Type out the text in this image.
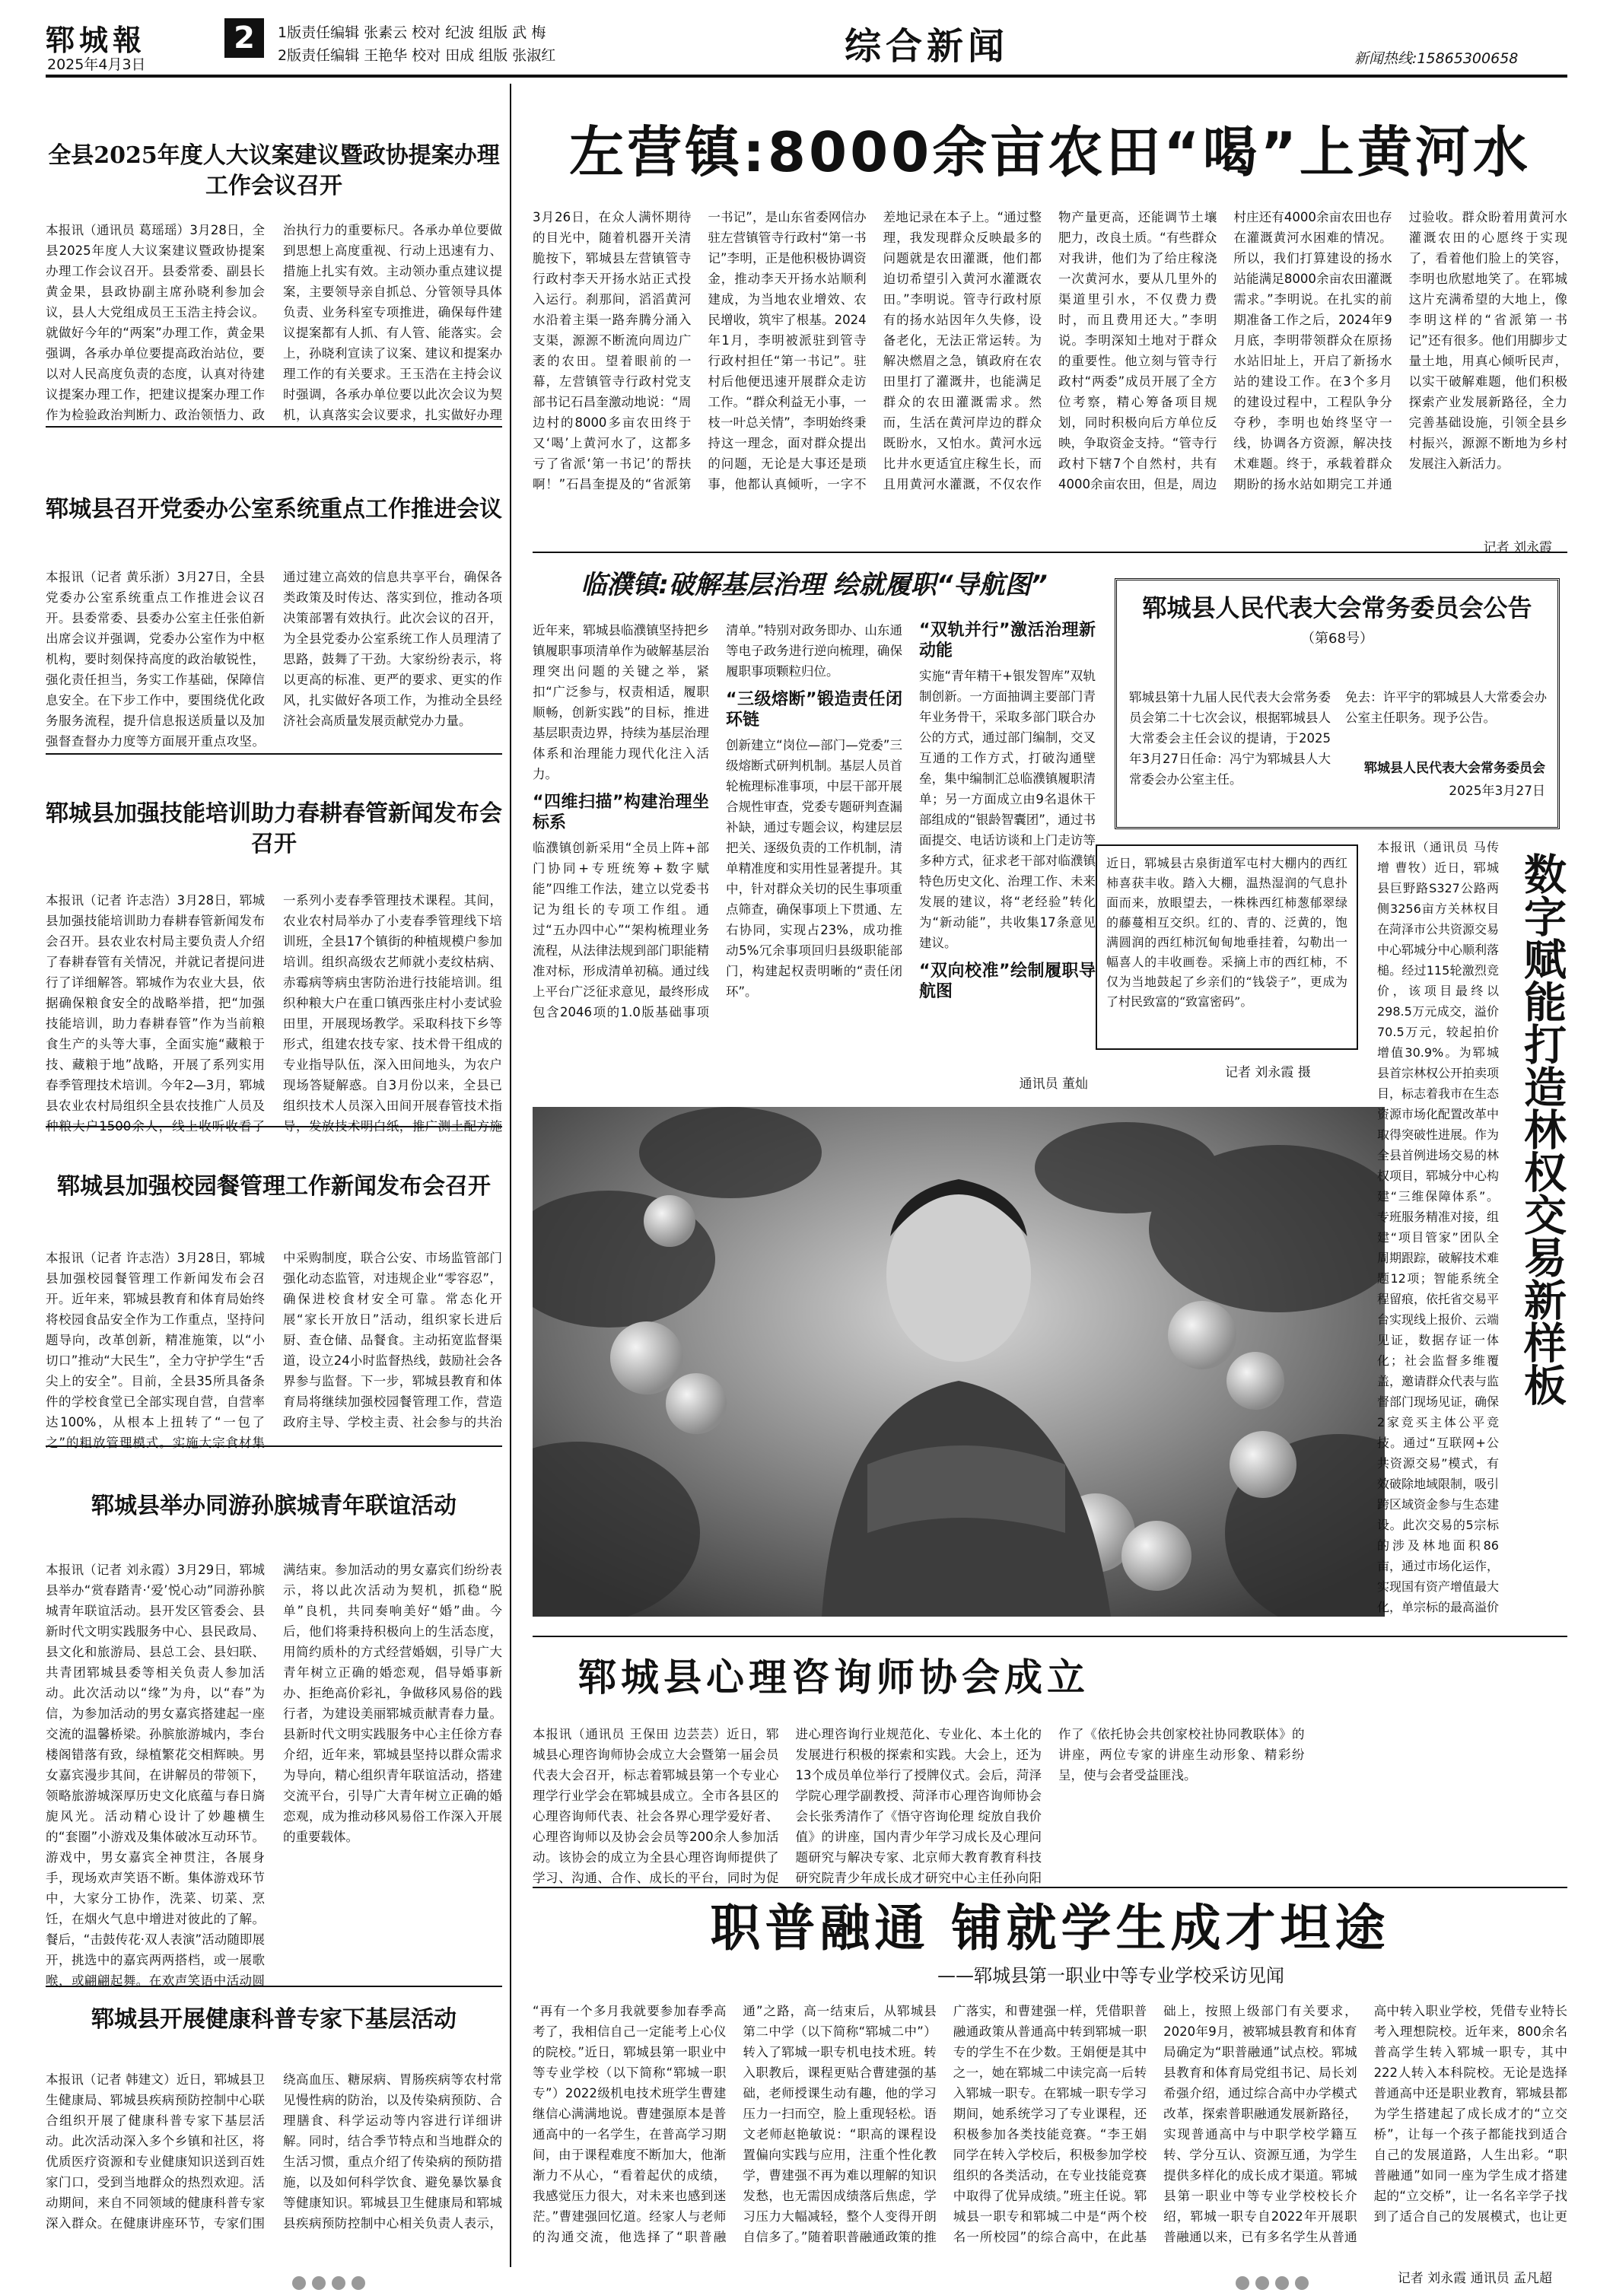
郓城報
2025年4月3日
2	1版责任编辑 张素云 校对 纪波 组版 武 梅
2版责任编辑 王艳华 校对 田成 组版 张淑红	综合新闻	新闻热线:15865300658
全县2025年度人大议案建议暨政协提案办理工作会议召开
本报讯（通讯员 葛瑶瑶）3月28日，全县2025年度人大议案建议暨政协提案办理工作会议召开。县委常委、副县长黄金果，县政协副主席孙晓利参加会议，县人大党组成员王玉浩主持会议。就做好今年的“两案”办理工作，黄金果强调，各承办单位要提高政治站位，要以对人民高度负责的态度，认真对待建议提案办理工作，把建议提案办理工作作为检验政治判断力、政治领悟力、政治执行力的重要标尺。各承办单位要做到思想上高度重视、行动上迅速有力、措施上扎实有效。主动领办重点建议提案，主要领导亲自抓总、分管领导具体负责、业务科室专项推进，确保每件建议提案都有人抓、有人管、能落实。会上，孙晓利宣读了议案、建议和提案办理工作的有关要求。王玉浩在主持会议时强调，各承办单位要以此次会议为契机，认真落实会议要求，扎实做好办理
郓城县召开党委办公室系统重点工作推进会议
本报讯（记者 黄乐浙）3月27日，全县党委办公室系统重点工作推进会议召开。县委常委、县委办公室主任张伯新出席会议并强调，党委办公室作为中枢机构，要时刻保持高度的政治敏锐性，强化责任担当，务实工作基础，保障信息安全。在下步工作中，要围绕优化政务服务流程，提升信息报送质量以及加强督查督办力度等方面展开重点攻坚。通过建立高效的信息共享平台，确保各类政策及时传达、落实到位，推动各项决策部署有效执行。此次会议的召开，为全县党委办公室系统工作人员理清了思路，鼓舞了干劲。大家纷纷表示，将以更高的标准、更严的要求、更实的作风，扎实做好各项工作，为推动全县经济社会高质量发展贡献党办力量。
郓城县加强技能培训助力春耕春管新闻发布会召开
本报讯（记者 许志浩）3月28日，郓城县加强技能培训助力春耕春管新闻发布会召开。县农业农村局主要负责人介绍了春耕春管有关情况，并就记者提问进行了详细解答。郓城作为农业大县，依据确保粮食安全的战略举措，把“加强技能培训，助力春耕春管”作为当前粮食生产的头等大事，全面实施“藏粮于技、藏粮于地”战略，开展了系列实用春季管理技术培训。今年2—3月，郓城县农业农村局组织全县农技推广人员及种粮大户1500余人，线上收听收看了一系列小麦春季管理技术课程。其间，农业农村局举办了小麦春季管理线下培训班，全县17个镇街的种植规模户参加培训。组织高级农艺师就小麦纹枯病、赤霉病等病虫害防治进行技能培训。组织种粮大户在重口镇西张庄村小麦试验田里，开展现场教学。采取科技下乡等形式，组建农技专家、技术骨干组成的专业指导队伍，深入田间地头，为农户现场答疑解惑。自3月份以来，全县已组织技术人员深入田间开展春管技术指导，发放技术明白纸，推广测土配方施
郓城县加强校园餐管理工作新闻发布会召开
本报讯（记者 许志浩）3月28日，郓城县加强校园餐管理工作新闻发布会召开。近年来，郓城县教育和体育局始终将校园食品安全作为工作重点，坚持问题导向，改革创新，精准施策，以“小切口”推动“大民生”，全力守护学生“舌尖上的安全”。目前，全县35所具备条件的学校食堂已全部实现自营，自营率达100%，从根本上扭转了“一包了之”的粗放管理模式。实施大宗食材集中采购制度，联合公安、市场监管部门强化动态监管，对违规企业“零容忍”，确保进校食材安全可靠。常态化开展“家长开放日”活动，组织家长进后厨、查仓储、品餐食。主动拓宽监督渠道，设立24小时监督热线，鼓励社会各界参与监督。下一步，郓城县教育和体育局将继续加强校园餐管理工作，营造政府主导、学校主责、社会参与的共治
郓城县举办同游孙膑城青年联谊活动
本报讯（记者 刘永霞）3月29日，郓城县举办“赏春踏青·‘爱’悦心动”同游孙膑城青年联谊活动。县开发区管委会、县新时代文明实践服务中心、县民政局、县文化和旅游局、县总工会、县妇联、共青团郓城县委等相关负责人参加活动。此次活动以“缘”为舟，以“春”为信，为参加活动的男女嘉宾搭建起一座交流的温馨桥梁。孙膑旅游城内，李台楼阁错落有致，绿植繁花交相辉映。男女嘉宾漫步其间，在讲解员的带领下，领略旅游城深厚历史文化底蕴与春日旖旎风光。活动精心设计了妙趣横生的“套圈”小游戏及集体破冰互动环节。游戏中，男女嘉宾全神贯注，各展身手，现场欢声笑语不断。集体游戏环节中，大家分工协作，洗菜、切菜、烹饪，在烟火气息中增进对彼此的了解。餐后，“击鼓传花·双人表演”活动随即展开，挑选中的嘉宾两两搭档，或一展歌喉，或翩翩起舞。在欢声笑语中活动圆满结束。参加活动的男女嘉宾们纷纷表示，将以此次活动为契机，抓稳“脱单”良机，共同奏响美好“婚”曲。今后，他们将秉持积极向上的生活态度，用简约质朴的方式经营婚姻，引导广大青年树立正确的婚恋观，倡导婚事新办、拒绝高价彩礼，争做移风易俗的践行者，为建设美丽郓城贡献青春力量。县新时代文明实践服务中心主任徐方春介绍，近年来，郓城县坚持以群众需求为导向，精心组织青年联谊活动，搭建交流平台，引导广大青年树立正确的婚恋观，成为推动移风易俗工作深入开展的重要载体。
郓城县开展健康科普专家下基层活动
本报讯（记者 韩建文）近日，郓城县卫生健康局、郓城县疾病预防控制中心联合组织开展了健康科普专家下基层活动。此次活动深入多个乡镇和社区，将优质医疗资源和专业健康知识送到百姓家门口，受到当地群众的热烈欢迎。活动期间，来自不同领域的健康科普专家深入群众。在健康讲座环节，专家们围绕高血压、糖尿病、胃肠疾病等农村常见慢性病的防治，以及传染病预防、合理膳食、科学运动等内容进行详细讲解。同时，结合季节特点和当地群众的生活习惯，重点介绍了传染病的预防措施，以及如何科学饮食、避免暴饮暴食等健康知识。郓城县卫生健康局和郓城县疾病预防控制中心相关负责人表示，
左营镇:8000余亩农田“喝”上黄河水
3月26日，在众人满怀期待的目光中，随着机器开关清脆按下，郓城县左营镇管寺行政村李天开扬水站正式投入运行。刹那间，滔滔黄河水沿着主渠一路奔腾分涌入支渠，源源不断流向周边广袤的农田。望着眼前的一幕，左营镇管寺行政村党支部书记石昌奎激动地说：“周边村的8000多亩农田终于又‘喝’上黄河水了，这都多亏了省派‘第一书记’的帮扶啊！”石昌奎提及的“省派第一书记”，是山东省委网信办驻左营镇管寺行政村“第一书记”李明，正是他积极协调资金，推动李天开扬水站顺利建成，为当地农业增效、农民增收，筑牢了根基。2024年1月，李明被派驻到管寺行政村担任“第一书记”。驻村后他便迅速开展群众走访工作。“群众利益无小事，一枝一叶总关情”，李明始终秉持这一理念，面对群众提出的问题，无论是大事还是琐事，他都认真倾听，一字不差地记录在本子上。“通过整理，我发现群众反映最多的问题就是农田灌溉，他们都迫切希望引入黄河水灌溉农田。”李明说。管寺行政村原有的扬水站因年久失修，设备老化，无法正常运转。为解决燃眉之急，镇政府在农田里打了灌溉井，也能满足群众的农田灌溉需求。然而，生活在黄河岸边的群众既盼水，又怕水。黄河水远比井水更适宜庄稼生长，而且用黄河水灌溉，不仅农作物产量更高，还能调节土壤肥力，改良土质。“有些群众对我讲，他们为了给庄稼浇一次黄河水，要从几里外的渠道里引水，不仅费力费时，而且费用还大。”李明说。李明深知土地对于群众的重要性。他立刻与管寺行政村“两委”成员开展了全方位考察，精心筹备项目规划，同时积极向后方单位反映，争取资金支持。“管寺行政村下辖7个自然村，共有4000余亩农田，但是，周边村庄还有4000余亩农田也存在灌溉黄河水困难的情况。所以，我们打算建设的扬水站能满足8000余亩农田灌溉需求。”李明说。在扎实的前期准备工作之后，2024年9月底，李明带领群众在原扬水站旧址上，开启了新扬水站的建设工作。在3个多月的建设过程中，工程队争分夺秒，李明也始终坚守一线，协调各方资源，解决技术难题。终于，承载着群众期盼的扬水站如期完工并通过验收。群众盼着用黄河水灌溉农田的心愿终于实现了，看着他们脸上的笑容，李明也欣慰地笑了。在郓城这片充满希望的大地上，像李明这样的“省派第一书记”还有很多。他们用脚步丈量土地，用真心倾听民声，以实干破解难题，他们积极探索产业发展新路径，全力完善基础设施，引领全县乡村振兴，源源不断地为乡村发展注入新活力。
记者 刘永霞
临濮镇:破解基层治理 绘就履职“导航图”

近年来，郓城县临濮镇坚持把乡镇履职事项清单作为破解基层治理突出问题的关键之举，紧扣“广泛参与，权责相适，履职顺畅，创新实践”的目标，推进基层职责边界，持续为基层治理体系和治理能力现代化注入活力。

“四维扫描”构建治理坐标系

临濮镇创新采用“全员上阵+部门协同+专班统筹+数字赋能”四维工作法，建立以党委书记为组长的专项工作组。通过“五办四中心”“架构梳理业务流程，从法律法规到部门职能精准对标，形成清单初稿。通过线上平台广泛征求意见，最终形成包含2046项的1.0版基础事项清单。”特别对政务即办、山东通等电子政务进行逆向梳理，确保履职事项颗粒归位。

“三级熔断”锻造责任闭环链

创新建立“岗位—部门—党委”三级熔断式研判机制。基层人员首轮梳理标准事项，中层干部开展合规性审查，党委专题研判查漏补缺，通过专题会议，构建层层把关、逐级负责的工作机制，清单精准度和实用性显著提升。其中，针对群众关切的民生事项重点筛查，确保事项上下贯通、左右协同，实现占23%，成功推动5%冗余事项回归县级职能部门，构建起权责明晰的“责任闭环”。

“双轨并行”激活治理新动能

实施“青年精干+银发智库”双轨制创新。一方面抽调主要部门青年业务骨干，采取多部门联合办公的方式，通过部门编制，交叉互通的工作方式，打破沟通壁垒，集中编制汇总临濮镇履职清单；另一方面成立由9名退休干部组成的“银龄智囊团”，通过书面提交、电话访谈和上门走访等多种方式，征求老干部对临濮镇特色历史文化、治理工作、未来发展的建议，将“老经验”转化为“新动能”，共收集17条意见建议。

“双向校准”绘制履职导航图

通讯员 董灿
郓城县人民代表大会常务委员会公告
（第68号）
郓城县第十九届人民代表大会常务委员会第二十七次会议，根据郓城县人大常委会主任会议的提请，于2025年3月27日任命：冯宁为郓城县人大常委会办公室主任。
免去：许平宇的郓城县人大常委会办公室主任职务。现予公告。
郓城县人民代表大会常务委员会
2025年3月27日
近日，郓城县古泉街道军屯村大棚内的西红柿喜获丰收。踏入大棚，温热湿润的气息扑面而来，放眼望去，一株株西红柿葱郁翠绿的藤蔓相互交织。红的、青的、泛黄的，饱满圆润的西红柿沉甸甸地垂挂着，勾勒出一幅喜人的丰收画卷。采摘上市的西红柿，不仅为当地鼓起了乡亲们的“钱袋子”，更成为了村民致富的“致富密码”。
记者 刘永霞 摄	数字赋能打造林权交易新样板
本报讯（通讯员 马传增 曹牧）近日，郓城县巨野路S327公路两侧3256亩方关林权目在菏泽市公共资源交易中心郓城分中心顺利落槌。经过115轮激烈竞价，该项目最终以298.5万元成交，溢价70.5万元，较起拍价增值30.9%。为郓城县首宗林权公开拍卖项目，标志着我市在生态资源市场化配置改革中取得突破性进展。作为全县首例进场交易的林权项目，郓城分中心构建“三维保障体系”。专班服务精准对接，组建“项目管家”团队全周期跟踪，破解技术难题12项；智能系统全程留痕，依托省交易平台实现线上报价、云端见证，数据存证一体化；社会监督多维覆盖，邀请群众代表与监督部门现场见证，确保2家竞买主体公平竞技。通过“互联网+公共资源交易”模式，有效破除地域限制，吸引跨区域资金参与生态建设。此次交易的5宗标的涉及林地面积86亩，通过市场化运作，实现国有资产增值最大化，单宗标的最高溢价
郓城县心理咨询师协会成立
本报讯（通讯员 王保田 边芸芸）近日，郓城县心理咨询师协会成立大会暨第一届会员代表大会召开，标志着郓城县第一个专业心理学行业学会在郓城县成立。全市各县区的心理咨询师代表、社会各界心理学爱好者、心理咨询师以及协会会员等200余人参加活动。该协会的成立为全县心理咨询师提供了学习、沟通、合作、成长的平台，同时为促进心理咨询行业规范化、专业化、本土化的发展进行积极的探索和实践。大会上，还为13个成员单位举行了授牌仪式。会后，菏泽学院心理学副教授、菏泽市心理咨询师协会会长张秀清作了《悟守咨询伦理 绽放自我价值》的讲座，国内青少年学习成长及心理问题研究与解决专家、北京师大教育教育科技研究院青少年成长成才研究中心主任孙向阳作了《依托协会共创家校社协同教联体》的讲座，两位专家的讲座生动形象、精彩纷呈，使与会者受益匪浅。
职普融通 铺就学生成才坦途
——郓城县第一职业中等专业学校采访见闻
“再有一个多月我就要参加春季高考了，我相信自己一定能考上心仪的院校。”近日，郓城县第一职业中等专业学校（以下简称“郓城一职专”）2022级机电技术班学生曹建继信心满满地说。曹建强原本是普通高中的一名学生，在普高学习期间，由于课程难度不断加大，他渐渐力不从心，“看着起伏的成绩，我感觉压力很大，对未来也感到迷茫。”曹建强回忆道。经家人与老师的沟通交流，他选择了“职普融通”之路，高一结束后，从郓城县第二中学（以下简称“郓城二中”）转入了郓城一职专机电技术班。转入职教后，课程更贴合曹建强的基础，老师授课生动有趣，他的学习压力一扫而空，脸上重现轻松。语文老师赵艳敏说：“职高的课程设置偏向实践与应用，注重个性化教学，曹建强不再为难以理解的知识发愁，也无需因成绩落后焦虑，学习压力大幅减轻，整个人变得开朗自信多了。”随着职普融通政策的推广落实，和曹建强一样，凭借职普融通政策从普通高中转到郓城一职专的学生不在少数。王娟便是其中之一，她在郓城二中读完高一后转入郓城一职专。在郓城一职专学习期间，她系统学习了专业课程，还积极参加各类技能竞赛。“李王娟同学在转入学校后，积极参加学校组织的各类活动，在专业技能竞赛中取得了优异成绩。”班主任说。郓城县一职专和郓城二中是“两个校名一所校园”的综合高中，在此基础上，按照上级部门有关要求，2020年9月，被郓城县教育和体育局确定为“职普融通”试点校。郓城县教育和体育局党组书记、局长刘希强介绍，通过综合高中办学模式改革，探索普职融通发展新路径，实现普通高中与中职学校学籍互转、学分互认、资源互通，为学生提供多样化的成长成才渠道。郓城县第一职业中等专业学校校长介绍，郓城一职专自2022年开展职普融通以来，已有多名学生从普通高中转入职业学校，凭借专业特长考入理想院校。近年来，800余名普高学生转入郓城一职专，其中222人转入本科院校。无论是选择普通高中还是职业教育，郓城县都为学生搭建起了成长成才的“立交桥”，让每一个孩子都能找到适合自己的发展道路，人生出彩。“职普融通”如同一座为学生成才搭建起的“立交桥”，让一名名辛学子找到了适合自己的发展模式，也让更
记者 刘永霞 通讯员 孟凡超
